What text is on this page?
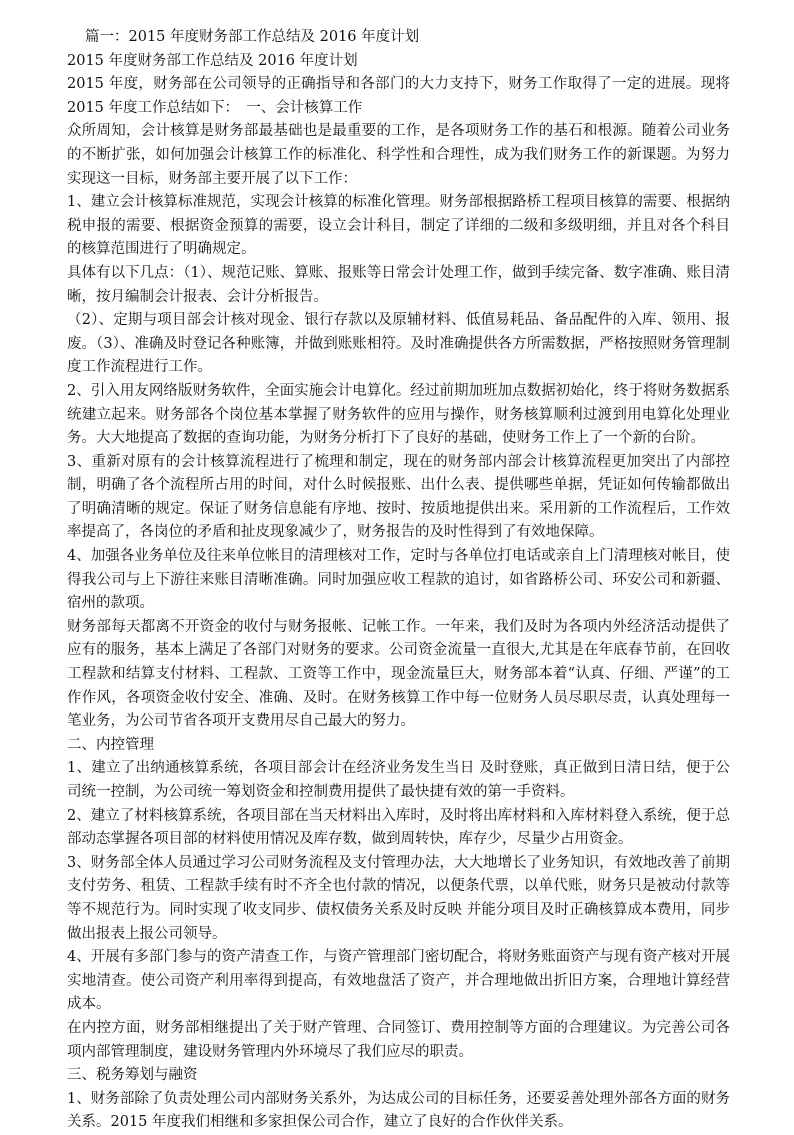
篇一：2015 年度财务部工作总结及 2016 年度计划

2015 年度财务部工作总结及 2016 年度计划

2015 年度，财务部在公司领导的正确指导和各部门的大力支持下，财务工作取得了一定的进展。现将 2015 年度工作总结如下：　一、会计核算工作

众所周知，会计核算是财务部最基础也是最重要的工作，是各项财务工作的基石和根源。随着公司业务的不断扩张，如何加强会计核算工作的标准化、科学性和合理性，成为我们财务工作的新课题。为努力实现这一目标，财务部主要开展了以下工作：

1、建立会计核算标准规范，实现会计核算的标准化管理。财务部根据路桥工程项目核算的需要、根据纳税申报的需要、根据资金预算的需要，设立会计科目，制定了详细的二级和多级明细，并且对各个科目的核算范围进行了明确规定。

具体有以下几点：（1）、规范记账、算账、报账等日常会计处理工作，做到手续完备、数字准确、账目清晰，按月编制会计报表、会计分析报告。

（2）、定期与项目部会计核对现金、银行存款以及原辅材料、低值易耗品、备品配件的入库、领用、报废。（3）、准确及时登记各种账簿，并做到账账相符。及时准确提供各方所需数据，严格按照财务管理制度工作流程进行工作。

2、引入用友网络版财务软件，全面实施会计电算化。经过前期加班加点数据初始化，终于将财务数据系统建立起来。财务部各个岗位基本掌握了财务软件的应用与操作，财务核算顺利过渡到用电算化处理业务。大大地提高了数据的查询功能，为财务分析打下了良好的基础，使财务工作上了一个新的台阶。

3、重新对原有的会计核算流程进行了梳理和制定，现在的财务部内部会计核算流程更加突出了内部控制，明确了各个流程所占用的时间，对什么时候报账、出什么表、提供哪些单据，凭证如何传输都做出了明确清晰的规定。保证了财务信息能有序地、按时、按质地提供出来。采用新的工作流程后，工作效率提高了，各岗位的矛盾和扯皮现象减少了，财务报告的及时性得到了有效地保障。

4、加强各业务单位及往来单位帐目的清理核对工作，定时与各单位打电话或亲自上门清理核对帐目，使得我公司与上下游往来账目清晰准确。同时加强应收工程款的追讨，如省路桥公司、环安公司和新疆、宿州的款项。

财务部每天都离不开资金的收付与财务报帐、记帐工作。一年来，我们及时为各项内外经济活动提供了应有的服务，基本上满足了各部门对财务的要求。公司资金流量一直很大,尤其是在年底春节前，在回收工程款和结算支付材料、工程款、工资等工作中，现金流量巨大，财务部本着“认真、仔细、严谨”的工作作风，各项资金收付安全、准确、及时。在财务核算工作中每一位财务人员尽职尽责，认真处理每一笔业务，为公司节省各项开支费用尽自己最大的努力。

二、内控管理

1、建立了出纳通核算系统，各项目部会计在经济业务发生当日 及时登账，真正做到日清日结，便于公司统一控制，为公司统一筹划资金和控制费用提供了最快捷有效的第一手资料。

2、建立了材料核算系统，各项目部在当天材料出入库时，及时将出库材料和入库材料登入系统，便于总部动态掌握各项目部的材料使用情况及库存数，做到周转快，库存少，尽量少占用资金。

3、财务部全体人员通过学习公司财务流程及支付管理办法，大大地增长了业务知识，有效地改善了前期支付劳务、租赁、工程款手续有时不齐全也付款的情况，以便条代票，以单代账，财务只是被动付款等等不规范行为。同时实现了收支同步、债权债务关系及时反映 并能分项目及时正确核算成本费用，同步做出报表上报公司领导。

4、开展有多部门参与的资产清查工作，与资产管理部门密切配合，将财务账面资产与现有资产核对开展实地清查。使公司资产利用率得到提高，有效地盘活了资产，并合理地做出折旧方案，合理地计算经营成本。

在内控方面，财务部相继提出了关于财产管理、合同签订、费用控制等方面的合理建议。为完善公司各项内部管理制度，建设财务管理内外环境尽了我们应尽的职责。

三、税务筹划与融资

1、财务部除了负责处理公司内部财务关系外，为达成公司的目标任务，还要妥善处理外部各方面的财务关系。2015 年度我们相继和多家担保公司合作，建立了良好的合作伙伴关系。
